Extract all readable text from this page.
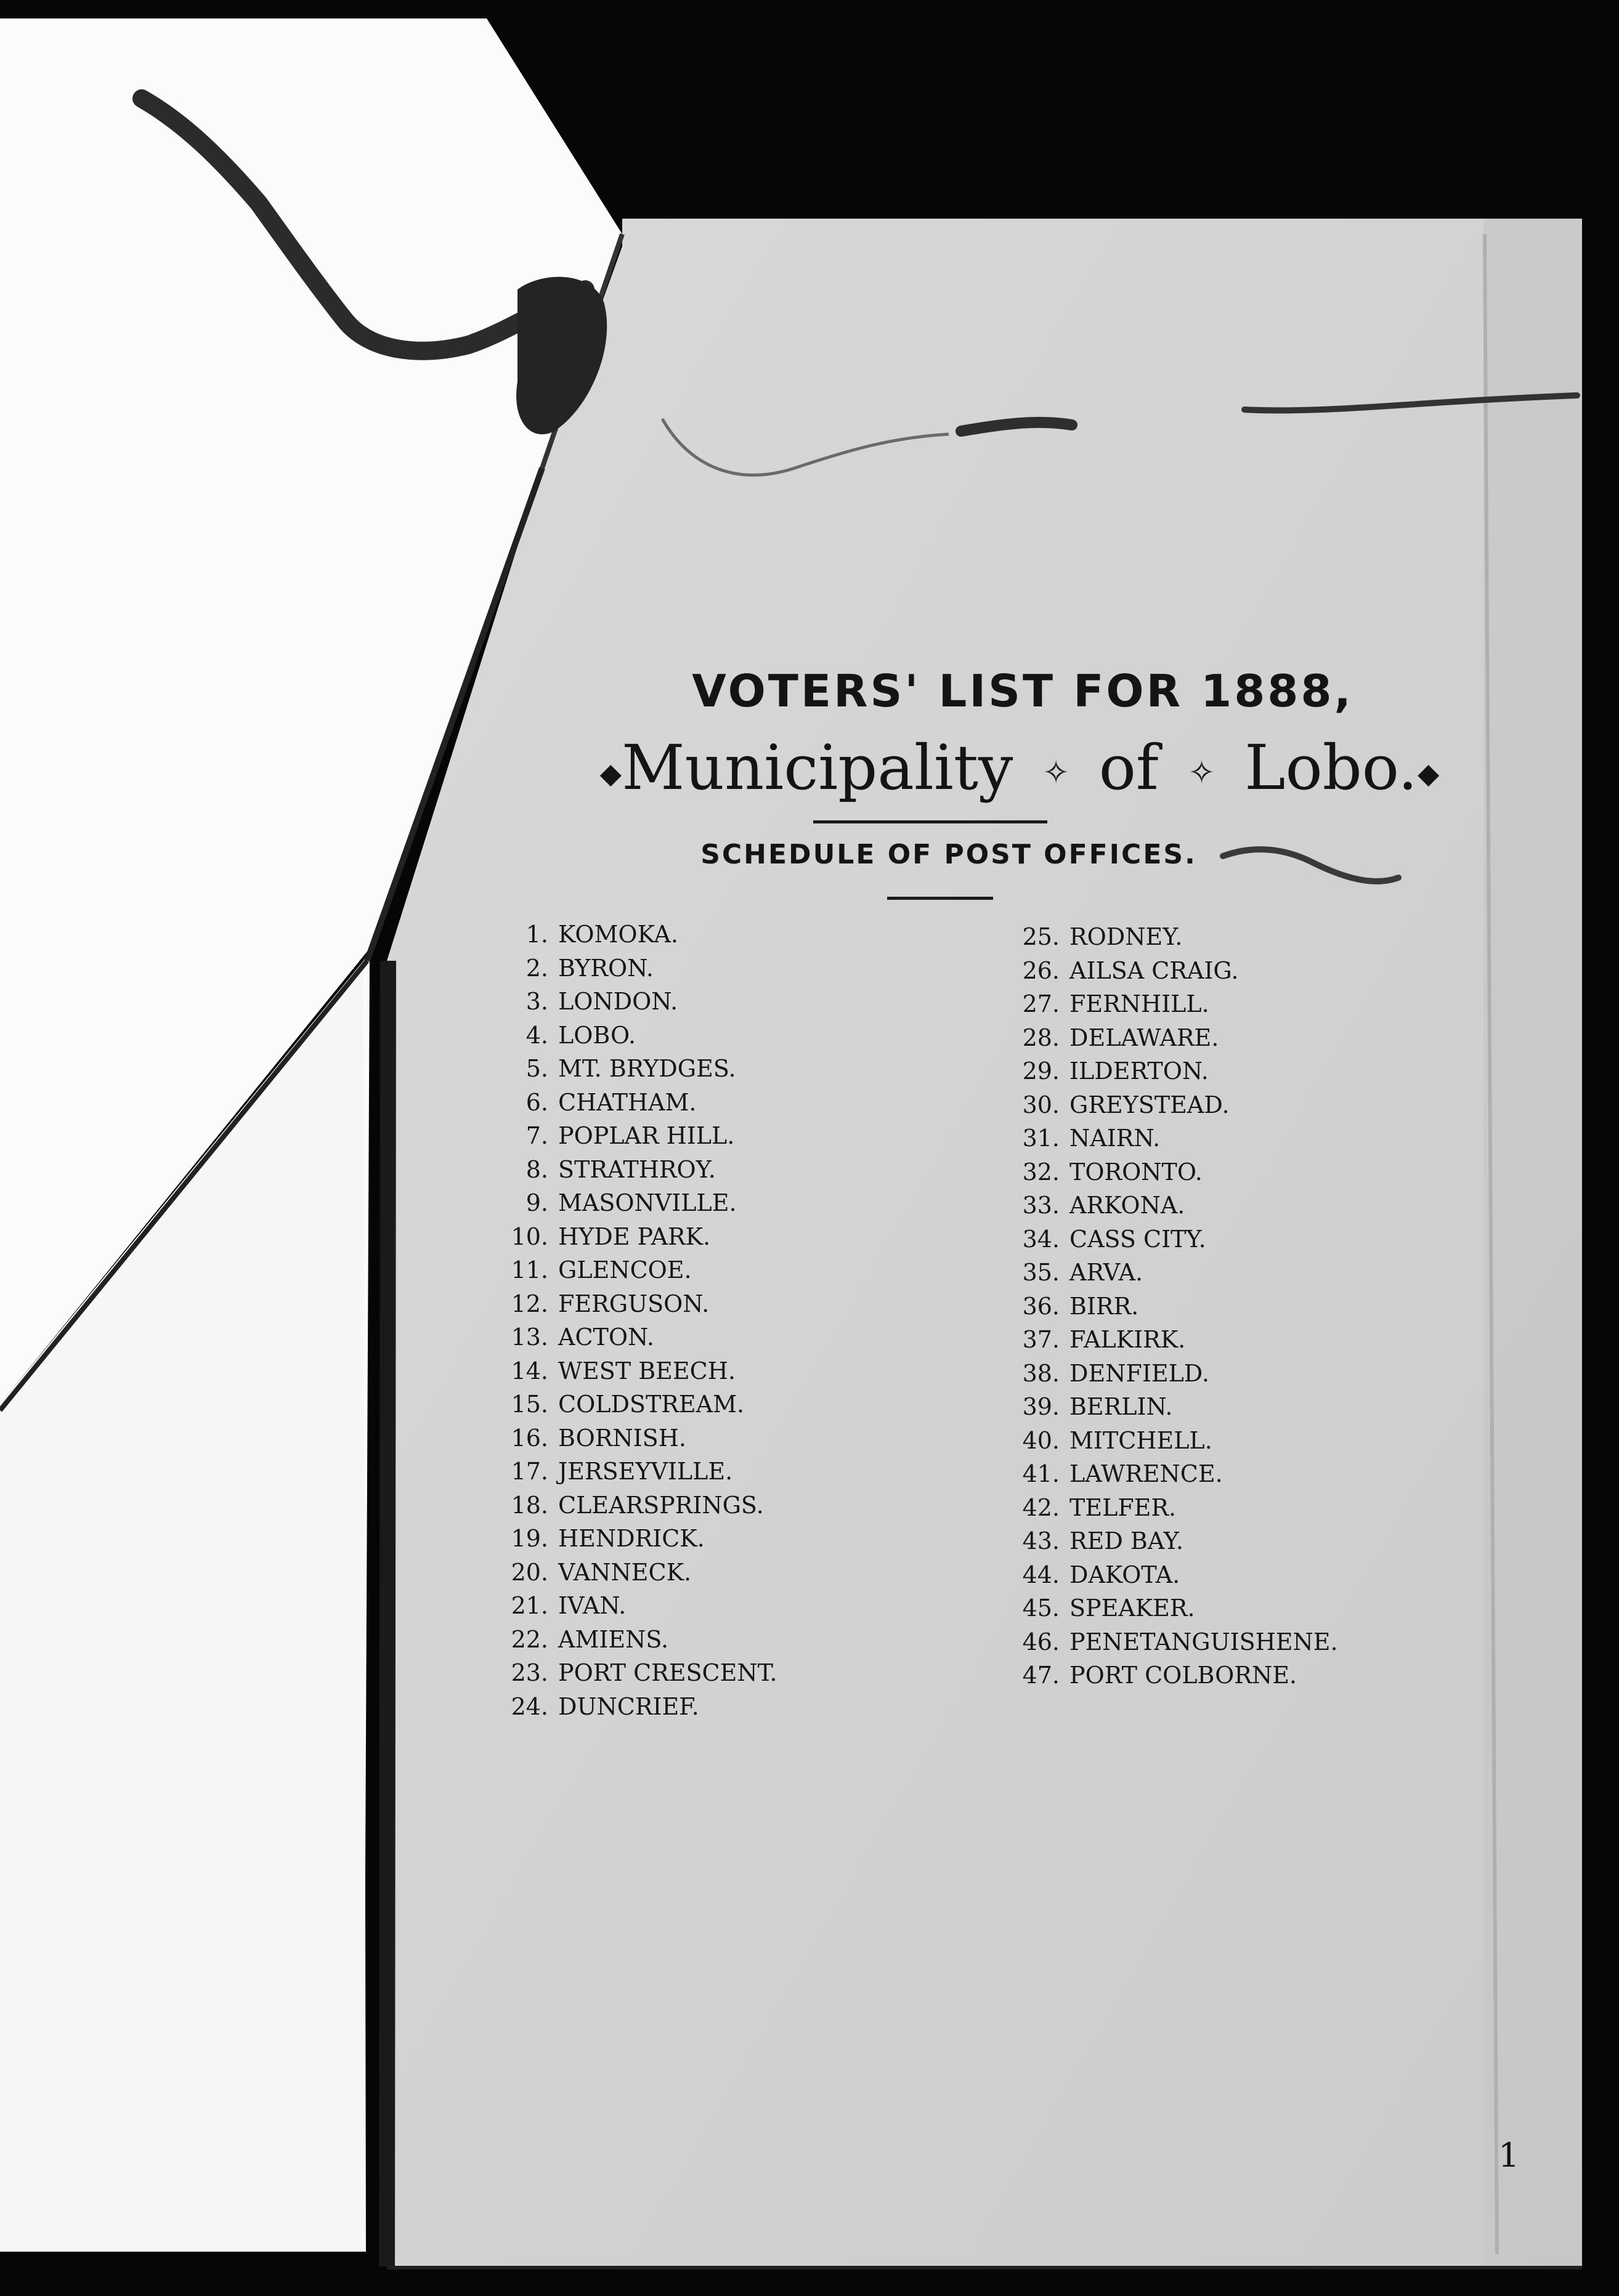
VOTERS' LIST FOR 1888,
◆Municipality ✧ of ✧ Lobo.◆
SCHEDULE OF POST OFFICES.
1. KOMOKA.
2. BYRON.
3. LONDON.
4. LOBO.
5. MT. BRYDGES.
6. CHATHAM.
7. POPLAR HILL.
8. STRATHROY.
9. MASONVILLE.
10. HYDE PARK.
11. GLENCOE.
12. FERGUSON.
13. ACTON.
14. WEST BEECH.
15. COLDSTREAM.
16. BORNISH.
17. JERSEYVILLE.
18. CLEARSPRINGS.
19. HENDRICK.
20. VANNECK.
21. IVAN.
22. AMIENS.
23. PORT CRESCENT.
24. DUNCRIEF.
25. RODNEY.
26. AILSA CRAIG.
27. FERNHILL.
28. DELAWARE.
29. ILDERTON.
30. GREYSTEAD.
31. NAIRN.
32. TORONTO.
33. ARKONA.
34. CASS CITY.
35. ARVA.
36. BIRR.
37. FALKIRK.
38. DENFIELD.
39. BERLIN.
40. MITCHELL.
41. LAWRENCE.
42. TELFER.
43. RED BAY.
44. DAKOTA.
45. SPEAKER.
46. PENETANGUISHENE.
47. PORT COLBORNE.
1
